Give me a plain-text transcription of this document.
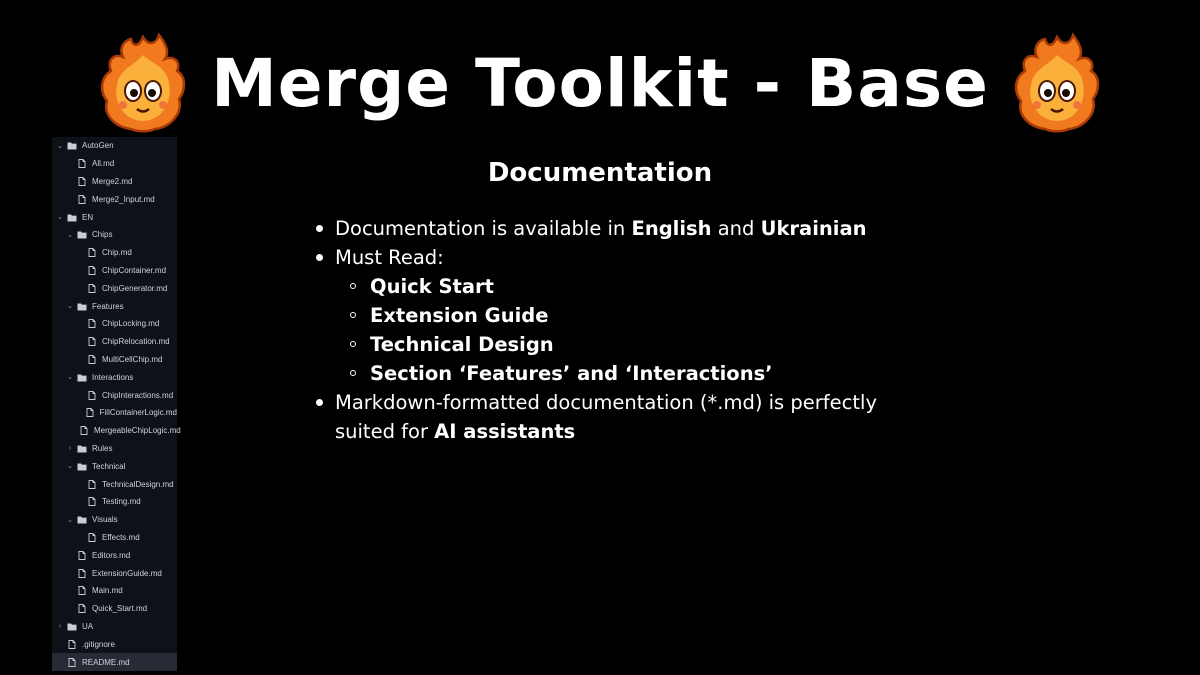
Merge Toolkit - Base
⌄ AutoGen
All.md
Merge2.md
Merge2_Input.md
⌄ EN
⌄ Chips
Chip.md
ChipContainer.md
ChipGenerator.md
⌄ Features
ChipLocking.md
ChipRelocation.md
MultiCellChip.md
⌄ Interactions
ChipInteractions.md
FillContainerLogic.md
MergeableChipLogic.md
›	Rules
⌄ Technical
TechnicalDesign.md
Testing.md
⌄ Visuals
Effects.md
Editors.md
ExtensionGuide.md
Main.md
Quick_Start.md
›	UA
.gitignore
README.md
Documentation
Documentation is available in English and Ukrainian
Must Read:
Quick Start
Extension Guide
Technical Design
Section ‘Features’ and ‘Interactions’
Markdown-formatted documentation (*.md) is perfectly suited for AI assistants
